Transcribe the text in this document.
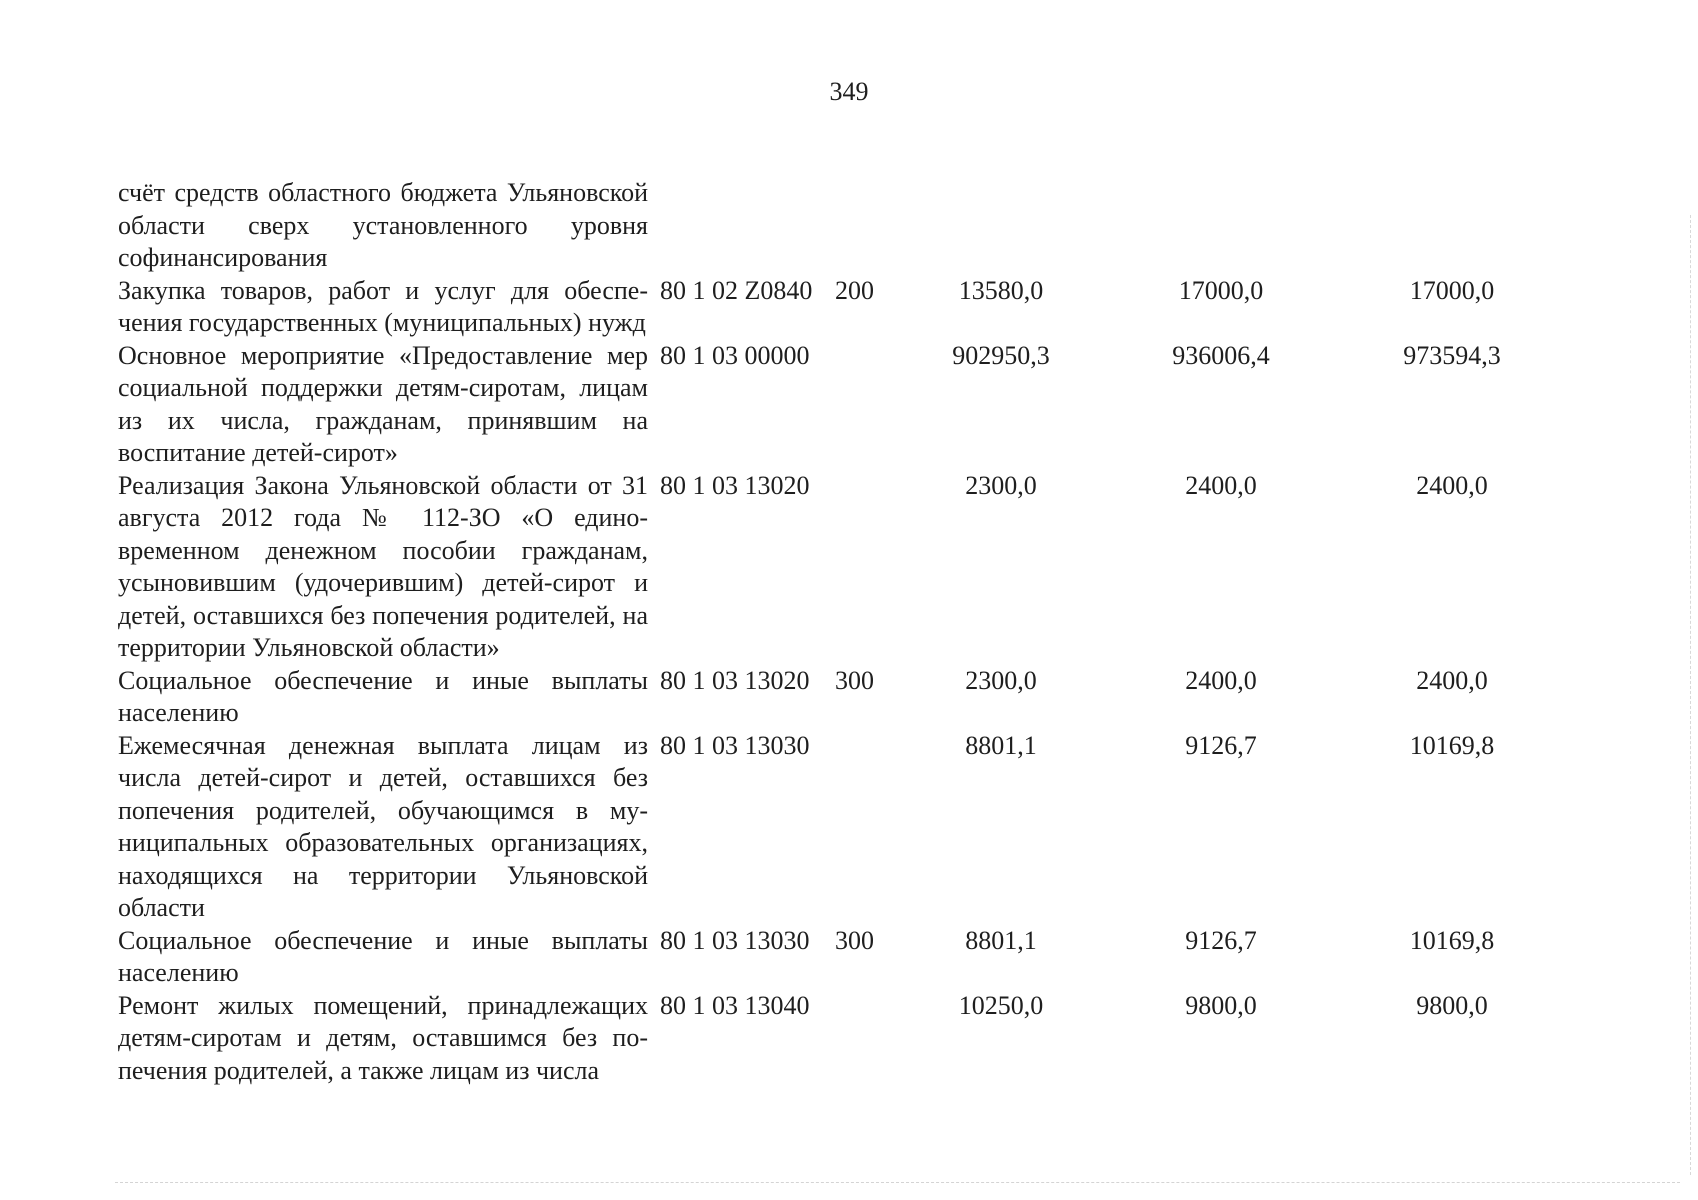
349
счёт средств областного бюджета Ульяновской области сверх установленного уровня софинансирования					
Закупка товаров, работ и услуг для обеспечения государственных (муниципальных) нужд	80 1 02 Z0840	200	13580,0	17000,0	17000,0
Основное мероприятие «Предоставление мер социальной поддержки детям-сиротам, лицам из их числа, гражданам, принявшим на воспитание детей-сирот»	80 1 03 00000		902950,3	936006,4	973594,3
Реализация Закона Ульяновской области от 31 августа 2012 года № 112-ЗО «О единовременном денежном пособии гражданам, усыновившим (удочерившим) детей-сирот и детей, оставшихся без попечения родителей, на территории Ульяновской области»	80 1 03 13020		2300,0	2400,0	2400,0
Социальное обеспечение и иные выплаты населению	80 1 03 13020	300	2300,0	2400,0	2400,0
Ежемесячная денежная выплата лицам из числа детей-сирот и детей, оставшихся без попечения родителей, обучающимся в муниципальных образовательных организациях, находящихся на территории Ульяновской области	80 1 03 13030		8801,1	9126,7	10169,8
Социальное обеспечение и иные выплаты населению	80 1 03 13030	300	8801,1	9126,7	10169,8
Ремонт жилых помещений, принадлежащих детям-сиротам и детям, оставшимся без попечения родителей, а также лицам из числа	80 1 03 13040		10250,0	9800,0	9800,0
